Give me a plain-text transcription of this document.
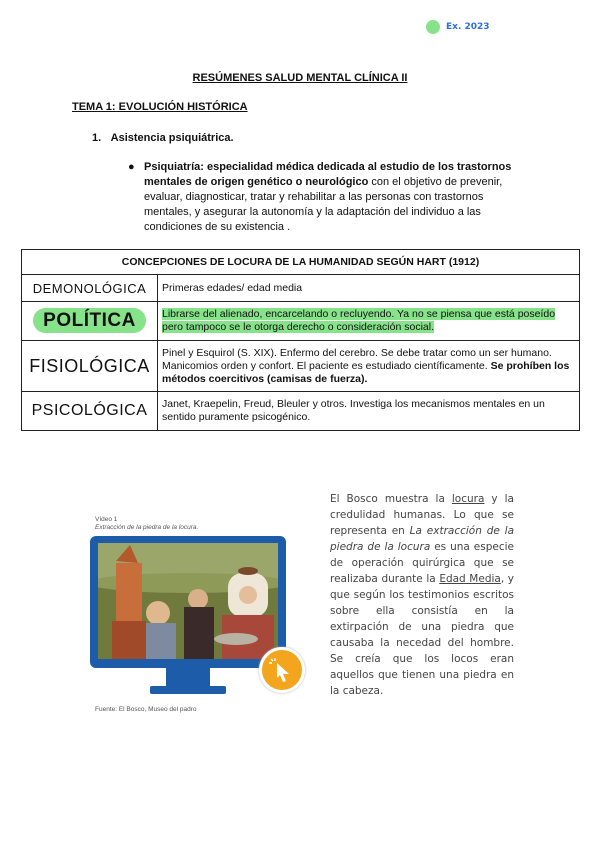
Ex. 2023
RESÚMENES SALUD MENTAL CLÍNICA II
TEMA 1: EVOLUCIÓN HISTÓRICA
1. Asistencia psiquiátrica.
● Psiquiatría: especialidad médica dedicada al estudio de los trastornos mentales de origen genético o neurológico con el objetivo de prevenir, evaluar, diagnosticar, tratar y rehabilitar a las personas con trastornos mentales, y asegurar la autonomía y la adaptación del individuo a las condiciones de su existencia .
CONCEPCIONES DE LOCURA DE LA HUMANIDAD SEGÚN HART (1912)	
DEMONOLÓGICA	Primeras edades/ edad media
POLÍTICA	Librarse del alienado, encarcelando o recluyendo. Ya no se piensa que está poseído pero tampoco se le otorga derecho o consideración social.
FISIOLÓGICA	Pinel y Esquirol (S. XIX). Enfermo del cerebro. Se debe tratar como un ser humano. Manicomios orden y confort. El paciente es estudiado científicamente. Se prohíben los métodos coercitivos (camisas de fuerza).
PSICOLÓGICA	Janet, Kraepelin, Freud, Bleuler y otros. Investiga los mecanismos mentales en un sentido puramente psicogénico.
Vídeo 1
Extracción de la piedra de la locura.
Fuente: El Bosco, Museo del padro
El Bosco muestra la locura y la credulidad humanas. Lo que se representa en La extracción de la piedra de la locura es una especie de operación quirúrgica que se realizaba durante la Edad Media, y que según los testimonios escritos sobre ella consistía en la extirpación de una piedra que causaba la necedad del hombre. Se creía que los locos eran aquellos que tienen una piedra en la cabeza.
